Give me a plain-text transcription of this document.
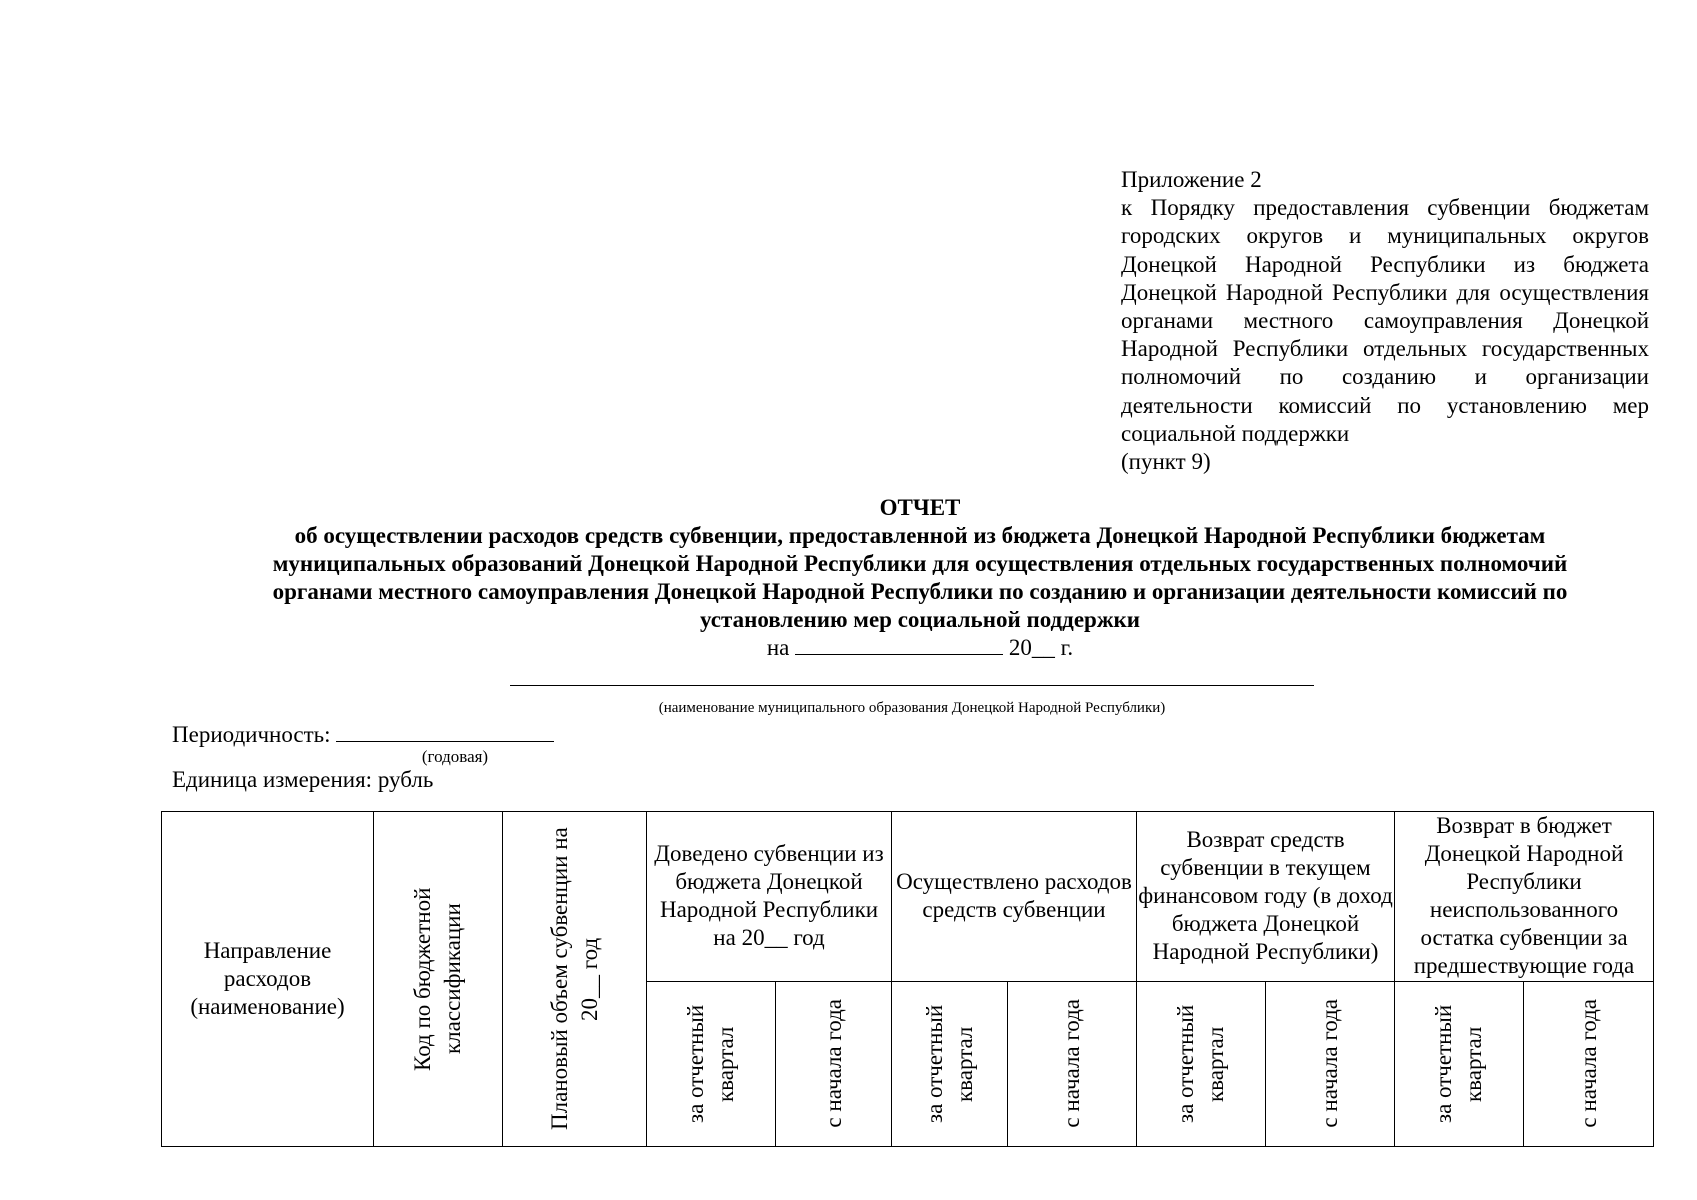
Приложение 2
к Порядку предоставления субвенции бюджетам городских округов и муниципальных округов Донецкой Народной Республики из бюджета Донецкой Народной Республики для осуществления органами местного самоуправления Донецкой Народной Республики отдельных государственных полномочий по созданию и организации деятельности комиссий по установлению мер социальной поддержки
(пункт 9)
ОТЧЕТ
об осуществлении расходов средств субвенции, предоставленной из бюджета Донецкой Народной Республики бюджетам муниципальных образований Донецкой Народной Республики для осуществления отдельных государственных полномочий органами местного самоуправления Донецкой Народной Республики по созданию и организации деятельности комиссий по установлению мер социальной поддержки
на	20__ г.
(наименование муниципального образования Донецкой Народной Республики)
Периодичность:
(годовая)
Единица измерения: рубль
Направление расходов (наименование)	Код по бюджетной классификации	Плановый объем субвенции на 20__ год	Доведено субвенции из бюджета Донецкой Народной Республики на 20__ год		Осуществлено расходов средств субвенции		Возврат средств субвенции в текущем финансовом году (в доход бюджета Донецкой Народной Республики)		Возврат в бюджет Донецкой Народной Республики неиспользованного остатка субвенции за предшествующие года	

			за отчетный квартал	с начала года	за отчетный квартал	с начала года	за отчетный квартал	с начала года	за отчетный квартал	с начала года
